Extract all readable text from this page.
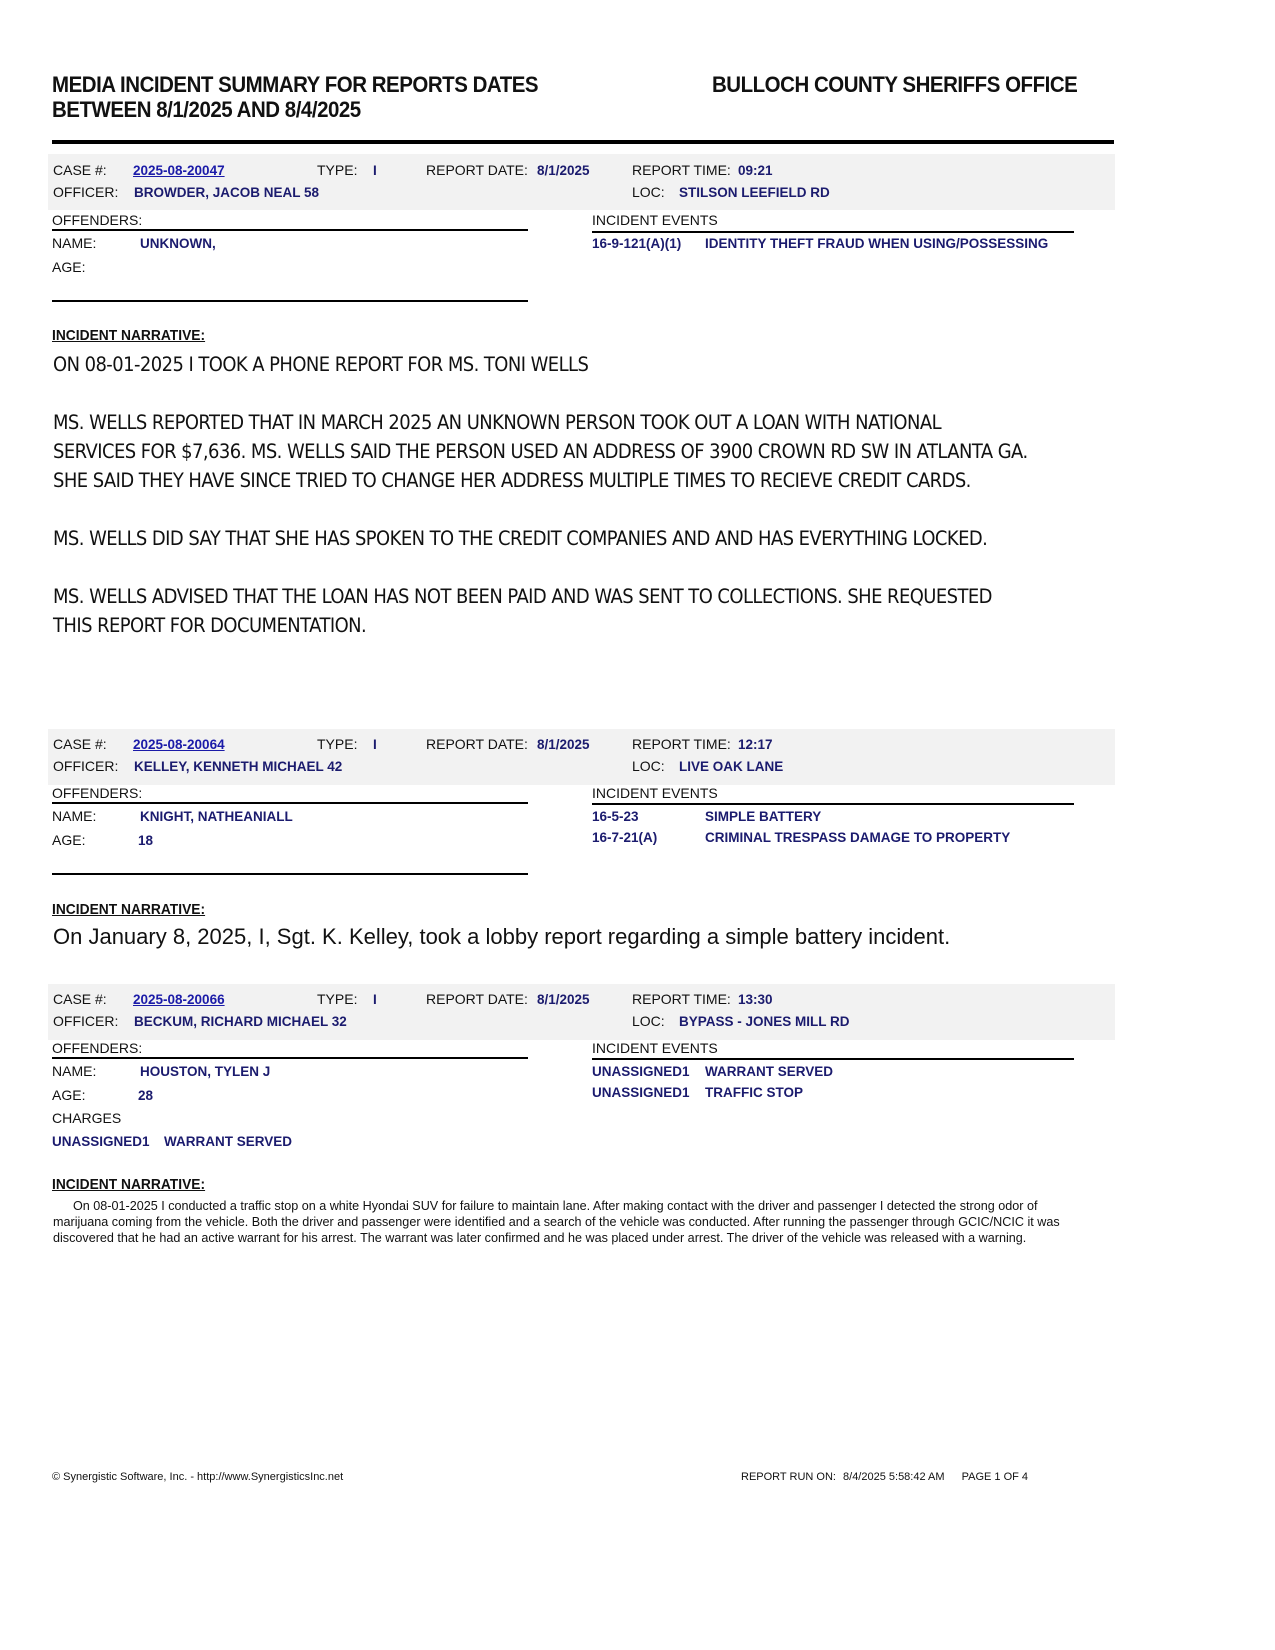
MEDIA INCIDENT SUMMARY FOR REPORTS DATES
BETWEEN 8/1/2025 AND 8/4/2025
BULLOCH COUNTY SHERIFFS OFFICE
CASE #: 2025-08-20047	TYPE: I	REPORT DATE: 8/1/2025	REPORT TIME: 09:21
OFFICER: BROWDER, JACOB NEAL 58	LOC: STILSON LEEFIELD RD
OFFENDERS:	INCIDENT EVENTS
NAME:	UNKNOWN,
AGE:
16-9-121(A)(1) IDENTITY THEFT FRAUD WHEN USING/POSSESSING
INCIDENT NARRATIVE:
ON 08-01-2025 I TOOK A PHONE REPORT FOR MS. TONI WELLS

MS. WELLS REPORTED THAT IN MARCH 2025 AN UNKNOWN PERSON TOOK OUT A LOAN WITH NATIONAL SERVICES FOR $7,636. MS. WELLS SAID THE PERSON USED AN ADDRESS OF 3900 CROWN RD SW IN ATLANTA GA. SHE SAID THEY HAVE SINCE TRIED TO CHANGE HER ADDRESS MULTIPLE TIMES TO RECIEVE CREDIT CARDS.

MS. WELLS DID SAY THAT SHE HAS SPOKEN TO THE CREDIT COMPANIES AND AND HAS EVERYTHING LOCKED.

MS. WELLS ADVISED THAT THE LOAN HAS NOT BEEN PAID AND WAS SENT TO COLLECTIONS. SHE REQUESTED THIS REPORT FOR DOCUMENTATION.
CASE #: 2025-08-20064	TYPE: I	REPORT DATE: 8/1/2025	REPORT TIME: 12:17
OFFICER: KELLEY, KENNETH MICHAEL 42	LOC: LIVE OAK LANE
OFFENDERS:	INCIDENT EVENTS
NAME:	KNIGHT, NATHEANIALL
AGE:	18
16-5-23	SIMPLE BATTERY
16-7-21(A)	CRIMINAL TRESPASS DAMAGE TO PROPERTY
INCIDENT NARRATIVE:
On January 8, 2025, I, Sgt. K. Kelley, took a lobby report regarding a simple battery incident.
CASE #: 2025-08-20066	TYPE: I	REPORT DATE: 8/1/2025	REPORT TIME: 13:30
OFFICER: BECKUM, RICHARD MICHAEL 32	LOC: BYPASS - JONES MILL RD
OFFENDERS:	INCIDENT EVENTS
NAME:	HOUSTON, TYLEN J
AGE:	28
CHARGES
UNASSIGNED1 WARRANT SERVED
UNASSIGNED1 WARRANT SERVED
UNASSIGNED1 TRAFFIC STOP
INCIDENT NARRATIVE:
On 08-01-2025 I conducted a traffic stop on a white Hyondai SUV for failure to maintain lane. After making contact with the driver and passenger I detected the strong odor of marijuana coming from the vehicle. Both the driver and passenger were identified and a search of the vehicle was conducted. After running the passenger through GCIC/NCIC it was discovered that he had an active warrant for his arrest. The warrant was later confirmed and he was placed under arrest. The driver of the vehicle was released with a warning.
© Synergistic Software, Inc. - http://www.SynergisticsInc.net	REPORT RUN ON: 8/4/2025 5:58:42 AM PAGE 1 OF 4
